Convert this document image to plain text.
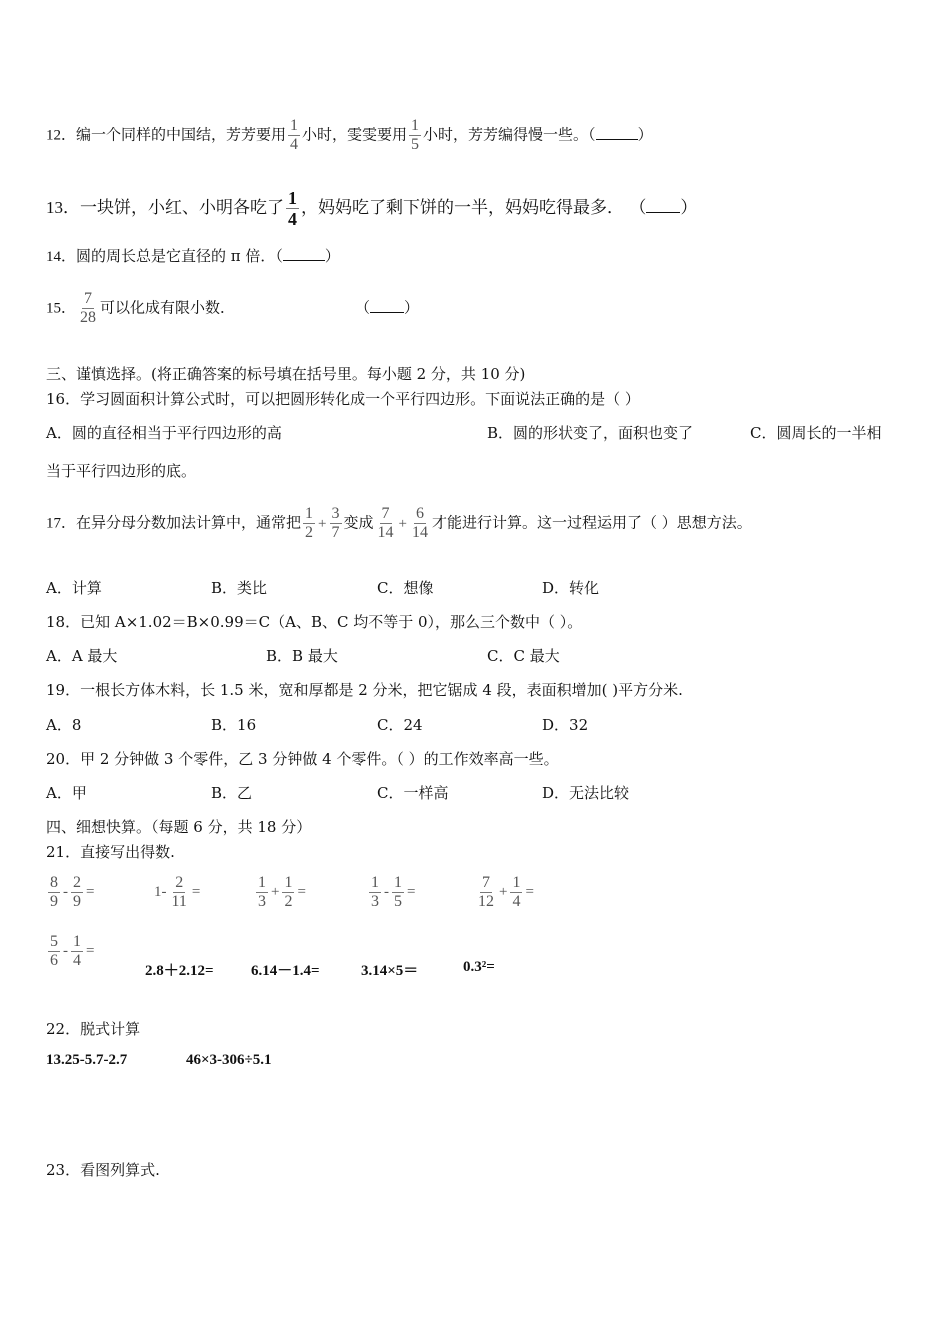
12．编一个同样的中国结，芳芳要用 $\frac{1}{4}$ 小时，雯雯要用 $\frac{1}{5}$ 小时，芳芳编得慢一些。（	）
13．一块饼，小红、小明各吃了 $\frac{1}{4}$ ，妈妈吃了剩下饼的一半，妈妈吃得最多． （ ）
14．圆的周长总是它直径的 π 倍．（	）
15． $\frac{7}{28}$ 可以化成有限小数．	（ ）
三、谨慎选择。(将正确答案的标号填在括号里。每小题 2 分，共 10 分)
16．学习圆面积计算公式时，可以把圆形转化成一个平行四边形。下面说法正确的是（ ）
A．圆的直径相当于平行四边形的高	B．圆的形状变了，面积也变了	C．圆周长的一半相
当于平行四边形的底。
17．在异分母分数加法计算中，通常把 $\frac{1}{2} + \frac{3}{7}$ 变成 $\frac{7}{14} + \frac{6}{14}$ 才能进行计算。这一过程运用了（ ）思想方法。
A．计算	B．类比	C．想像	D．转化
18．已知 A×1.02＝B×0.99＝C（A、B、C 均不等于 0），那么三个数中（ ）。
A．A 最大	B．B 最大	C．C 最大
19．一根长方体木料，长 1.5 米，宽和厚都是 2 分米，把它锯成 4 段，表面积增加( )平方分米.
A．8	B．16	C．24	D．32
20．甲 2 分钟做 3 个零件，乙 3 分钟做 4 个零件。（ ）的工作效率高一些。
A．甲	B．乙	C．一样高	D．无法比较
四、细想快算。（每题 6 分，共 18 分）
21．直接写出得数.
$\frac{8}{9} - \frac{2}{9}$ =	$1- \frac{2}{11}$ =	$\frac{1}{3} + \frac{1}{2}$ =	$\frac{1}{3} - \frac{1}{5}$ =	$\frac{7}{12} + \frac{1}{4}$ =
$\frac{5}{6} - \frac{1}{4}$ =
2.8＋2.12= 6.14－1.4=	3.14×5＝	0.3²=
22．脱式计算
13.25-5.7-2.7	46×3-306÷5.1
23．看图列算式.
